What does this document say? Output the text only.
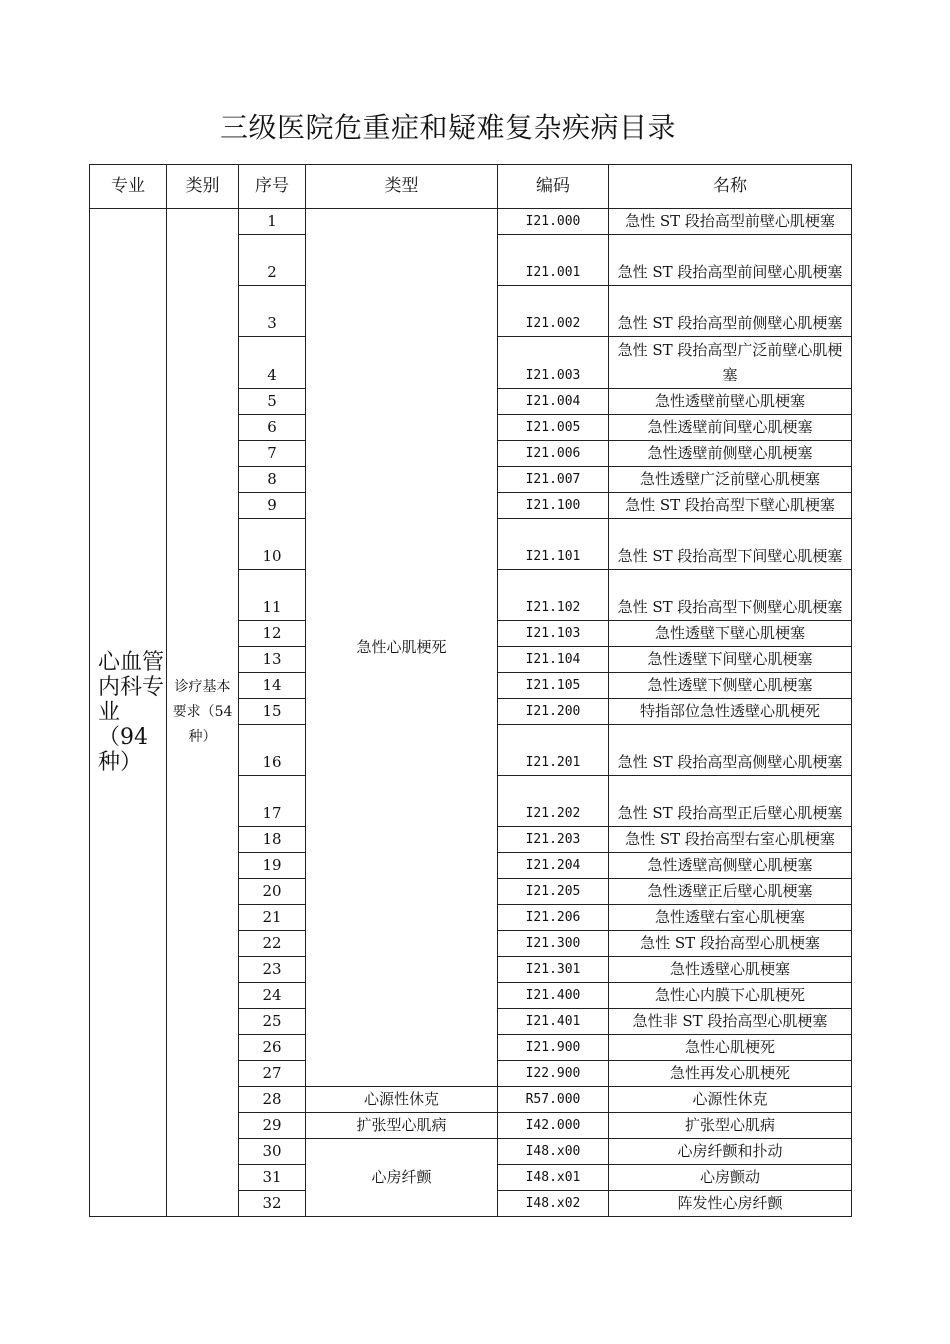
三级医院危重症和疑难复杂疾病目录
专业	类别	序号	类型	编码	名称
心血管内科专业（94种）	诊疗基本要求（54种）	1	急性心肌梗死	I21.000	急性 ST 段抬高型前壁心肌梗塞
		2		I21.001	急性 ST 段抬高型前间壁心肌梗塞
		3		I21.002	急性 ST 段抬高型前侧壁心肌梗塞
		4		I21.003	急性 ST 段抬高型广泛前壁心肌梗塞
		5		I21.004	急性透壁前壁心肌梗塞
		6		I21.005	急性透壁前间壁心肌梗塞
		7		I21.006	急性透壁前侧壁心肌梗塞
		8		I21.007	急性透壁广泛前壁心肌梗塞
		9		I21.100	急性 ST 段抬高型下壁心肌梗塞
		10		I21.101	急性 ST 段抬高型下间壁心肌梗塞
		11		I21.102	急性 ST 段抬高型下侧壁心肌梗塞
		12		I21.103	急性透壁下壁心肌梗塞
		13		I21.104	急性透壁下间壁心肌梗塞
		14		I21.105	急性透壁下侧壁心肌梗塞
		15		I21.200	特指部位急性透壁心肌梗死
		16		I21.201	急性 ST 段抬高型高侧壁心肌梗塞
		17		I21.202	急性 ST 段抬高型正后壁心肌梗塞
		18		I21.203	急性 ST 段抬高型右室心肌梗塞
		19		I21.204	急性透壁高侧壁心肌梗塞
		20		I21.205	急性透壁正后壁心肌梗塞
		21		I21.206	急性透壁右室心肌梗塞
		22		I21.300	急性 ST 段抬高型心肌梗塞
		23		I21.301	急性透壁心肌梗塞
		24		I21.400	急性心内膜下心肌梗死
		25		I21.401	急性非 ST 段抬高型心肌梗塞
		26		I21.900	急性心肌梗死
		27		I22.900	急性再发心肌梗死
		28	心源性休克	R57.000	心源性休克
		29	扩张型心肌病	I42.000	扩张型心肌病
		30	心房纤颤	I48.x00	心房纤颤和扑动
		31		I48.x01	心房颤动
		32		I48.x02	阵发性心房纤颤
